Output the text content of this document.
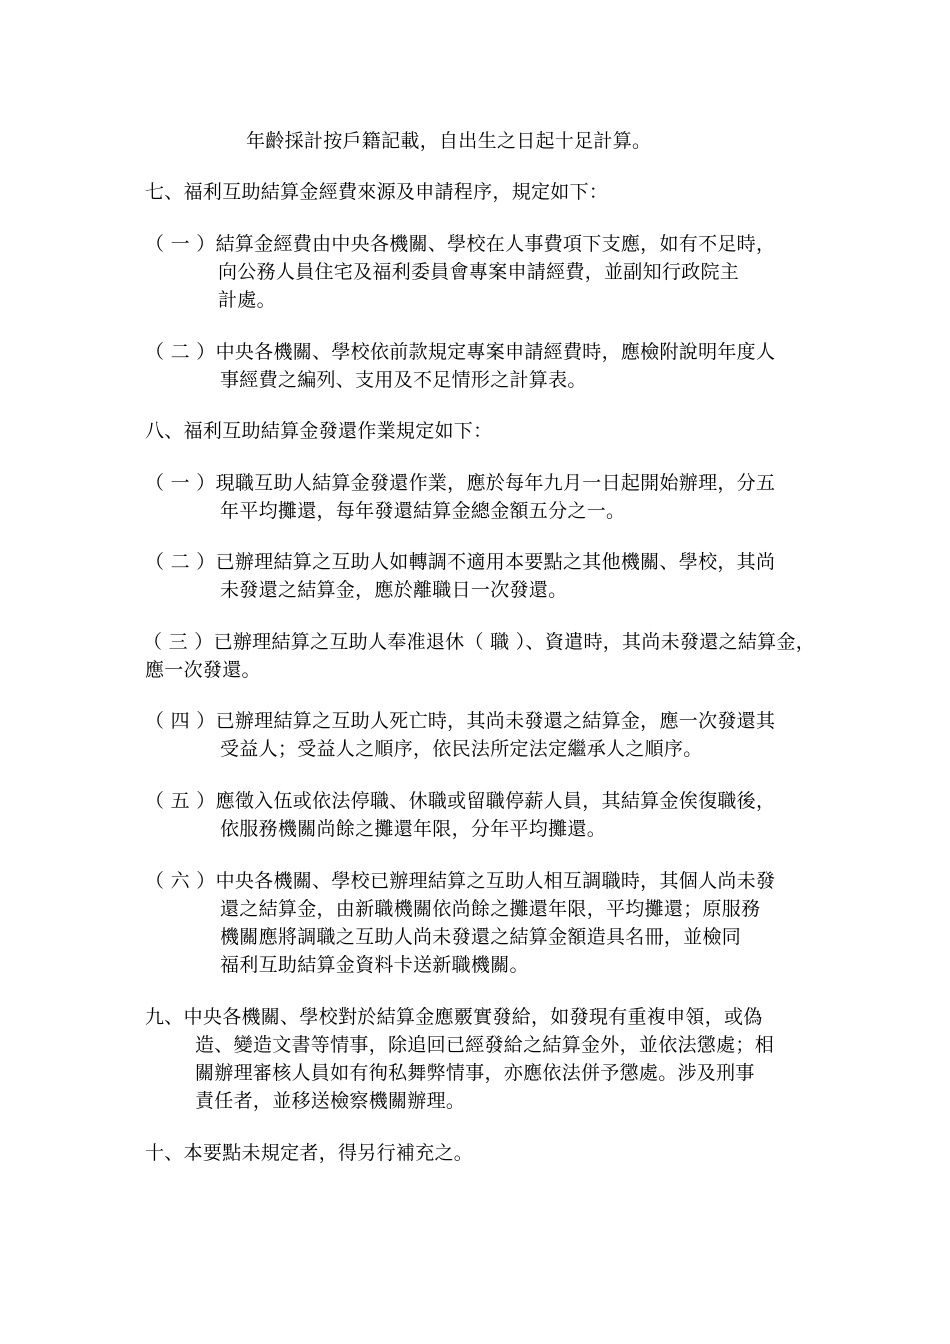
年齡採計按戶籍記載，自出生之日起十足計算。
七、福利互助結算金經費來源及申請程序，規定如下：
（ 一 ）結算金經費由中央各機關、學校在人事費項下支應，如有不足時，
向公務人員住宅及福利委員會專案申請經費，並副知行政院主
計處。
（ 二 ）中央各機關、學校依前款規定專案申請經費時，應檢附說明年度人
事經費之編列、支用及不足情形之計算表。
八、福利互助結算金發還作業規定如下：
（ 一 ）現職互助人結算金發還作業，應於每年九月一日起開始辦理，分五
年平均攤還，每年發還結算金總金額五分之一。
（ 二 ）已辦理結算之互助人如轉調不適用本要點之其他機關、學校，其尚
未發還之結算金，應於離職日一次發還。
（ 三 ）已辦理結算之互助人奉准退休（ 職 ）、資遣時，其尚未發還之結算金，
應一次發還。
（ 四 ）已辦理結算之互助人死亡時，其尚未發還之結算金，應一次發還其
受益人；受益人之順序，依民法所定法定繼承人之順序。
（ 五 ）應徵入伍或依法停職、休職或留職停薪人員，其結算金俟復職後，
依服務機關尚餘之攤還年限，分年平均攤還。
（ 六 ）中央各機關、學校已辦理結算之互助人相互調職時，其個人尚未發
還之結算金，由新職機關依尚餘之攤還年限，平均攤還；原服務
機關應將調職之互助人尚未發還之結算金額造具名冊，並檢同
福利互助結算金資料卡送新職機關。
九、中央各機關、學校對於結算金應覈實發給，如發現有重複申領，或偽
造、變造文書等情事，除追回已經發給之結算金外，並依法懲處；相
關辦理審核人員如有徇私舞弊情事，亦應依法併予懲處。涉及刑事
責任者，並移送檢察機關辦理。
十、本要點未規定者，得另行補充之。
